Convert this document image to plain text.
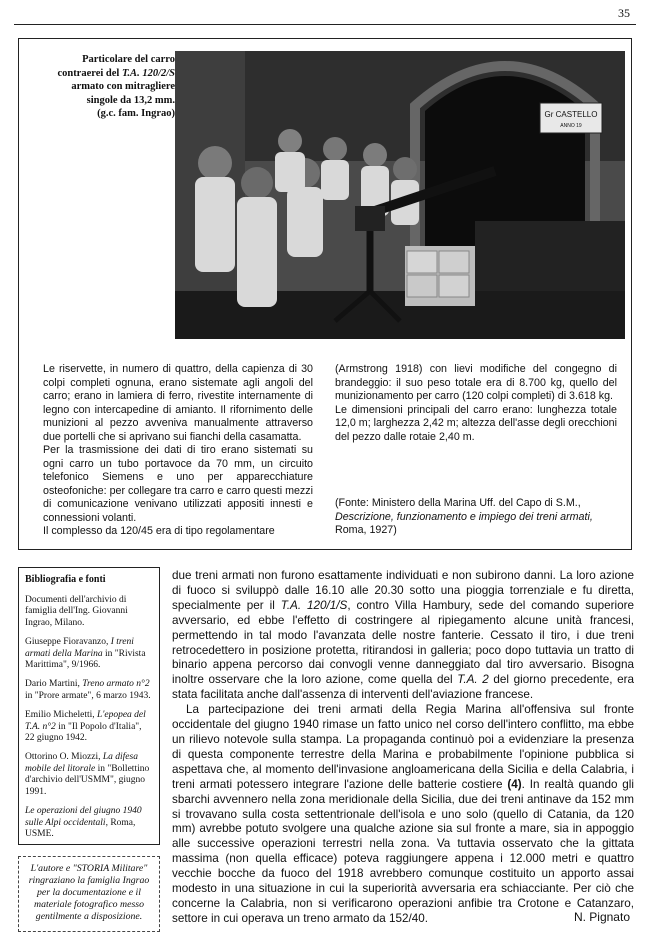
35
Particolare del carro
contraerei del T.A. 120/2/S
armato con mitragliere
singole da 13,2 mm.
(g.c. fam. Ingrao)	Gr CASTELLO
ANNO 19

Le riservette, in numero di quattro, della capienza di 30 colpi completi ognuna, erano sistemate agli angoli del carro; erano in lamiera di ferro, rivestite internamente di legno con intercapedine di amianto. Il rifornimento delle munizioni al pezzo avveniva manualmente attraverso due portelli che si aprivano sui fianchi della casamatta.

Per la trasmissione dei dati di tiro erano sistemati su ogni carro un tubo portavoce da 70 mm, un circuito telefonico Siemens e uno per apparecchiature osteofoniche: per collegare tra carro e carro questi mezzi di comunicazione venivano utilizzati appositi innesti e connessioni volanti.

Il complesso da 120/45 era di tipo regolamentare

(Armstrong 1918) con lievi modifiche del congegno di brandeggio: il suo peso totale era di 8.700 kg, quello del munizionamento per carro (120 colpi completi) di 3.618 kg.

Le dimensioni principali del carro erano: lunghezza totale 12,0 m; larghezza 2,42 m; altezza dell'asse degli orecchioni del pezzo dalle rotaie 2,40 m.

(Fonte: Ministero della Marina Uff. del Capo di S.M.,
Descrizione, funzionamento e impiego dei treni armati,
Roma, 1927)
Bibliografia e fonti

Documenti dell'archivio di famiglia dell'Ing. Giovanni Ingrao, Milano.

Giuseppe Fioravanzo, I treni armati della Marina in "Rivista Marittima", 9/1966.

Dario Martini, Treno armato n°2 in "Prore armate", 6 marzo 1943.

Emilio Micheletti, L'epopea del T.A. n°2 in "Il Popolo d'Italia", 22 giugno 1942.

Ottorino O. Miozzi, La difesa mobile del litorale in "Bollettino d'archivio dell'USMM", giugno 1991.

Le operazioni del giugno 1940 sulle Alpi occidentali, Roma, USME.

L'autore e "STORIA Militare" ringraziano la famiglia Ingrao per la documentazione e il materiale fotografico messo gentilmente a disposizione.

due treni armati non furono esattamente individuati e non subirono danni. La loro azione di fuoco si sviluppò dalle 16.10 alle 20.30 sotto una pioggia torrenziale e fu diretta, specialmente per il T.A. 120/1/S, contro Villa Hambury, sede del comando superiore avversario, ed ebbe l'effetto di costringere al ripiegamento alcune unità francesi, permettendo in tal modo l'avanzata delle nostre fanterie. Cessato il tiro, i due treni retrocedettero in posizione protetta, ritirandosi in galleria; poco dopo tuttavia un tratto di binario appena percorso dai convogli venne danneggiato dal tiro avversario. Bisogna inoltre osservare che la loro azione, come quella del T.A. 2 del giorno precedente, era stata facilitata anche dall'assenza di interventi dell'aviazione francese.

La partecipazione dei treni armati della Regia Marina all'offensiva sul fronte occidentale del giugno 1940 rimase un fatto unico nel corso dell'intero conflitto, ma ebbe un rilievo notevole sulla stampa. La propaganda continuò poi a evidenziare la presenza di questa componente terrestre della Marina e probabilmente l'opinione pubblica si aspettava che, al momento dell'invasione angloamericana della Sicilia e della Calabria, i treni armati potessero integrare l'azione delle batterie costiere (4). In realtà quando gli sbarchi avvennero nella zona meridionale della Sicilia, due dei treni antinave da 152 mm si trovavano sulla costa settentrionale dell'isola e uno solo (quello di Catania, da 120 mm) avrebbe potuto svolgere una qualche azione sia sul fronte a mare, sia in appoggio alle successive operazioni terrestri nella zona. Va tuttavia osservato che la gittata massima (non quella efficace) poteva raggiungere appena i 12.000 metri e quattro vecchie bocche da fuoco del 1918 avrebbero comunque costituito un apporto assai modesto in una situazione in cui la superiorità avversaria era schiacciante. Per ciò che concerne la Calabria, non si verificarono operazioni anfibie tra Crotone e Catanzaro, settore in cui operava un treno armato da 152/40.	N. Pignato
